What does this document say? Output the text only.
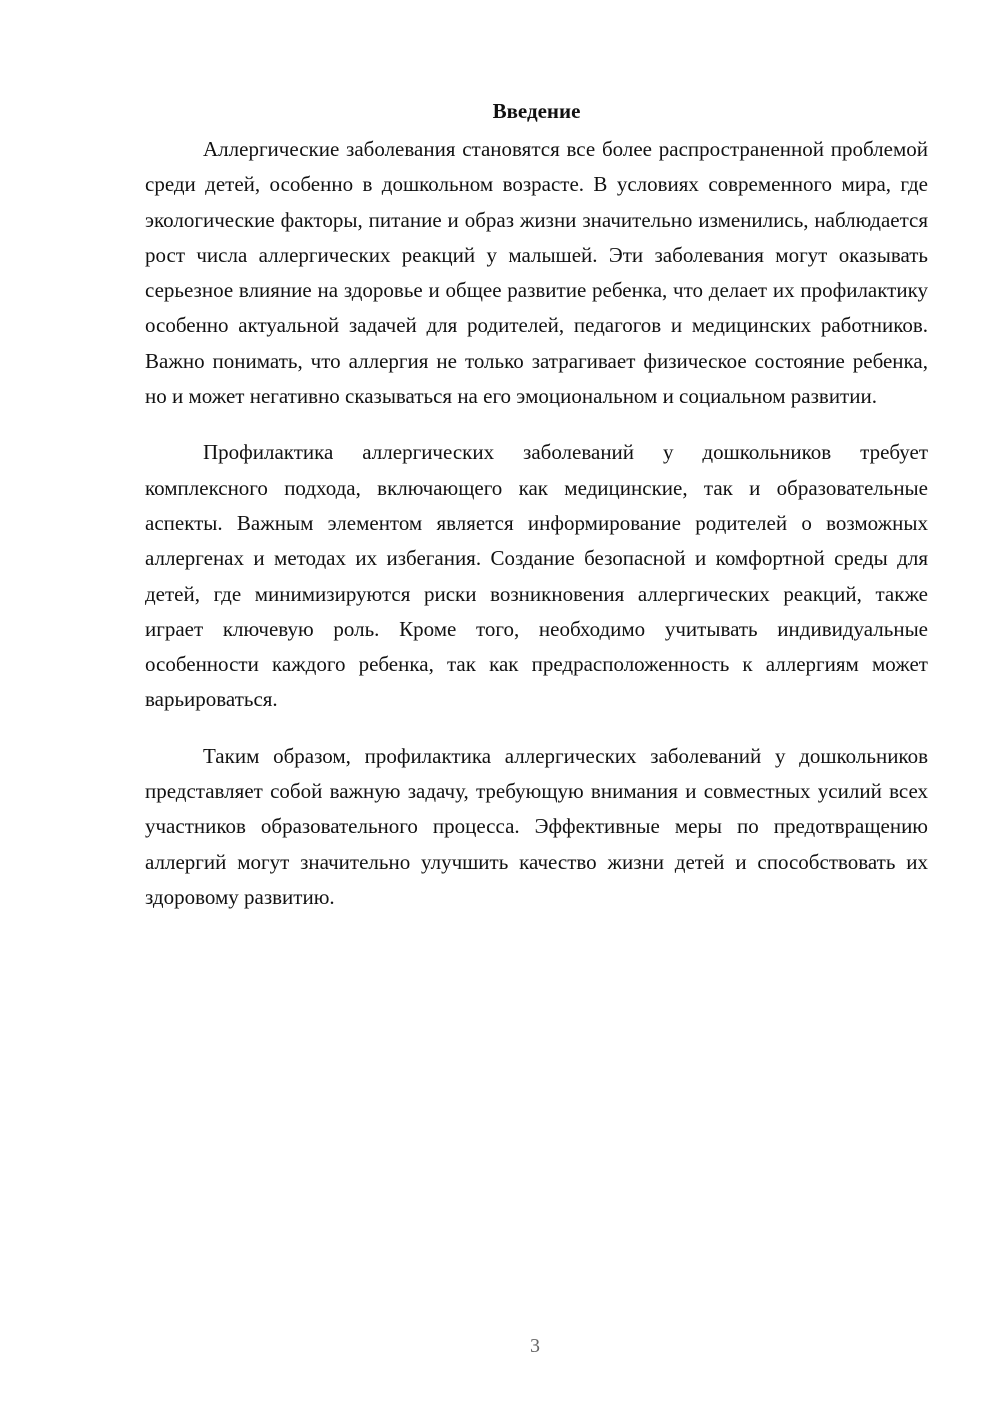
Введение

Аллергические заболевания становятся все более распространенной проблемой среди детей, особенно в дошкольном возрасте. В условиях современного мира, где экологические факторы, питание и образ жизни значительно изменились, наблюдается рост числа аллергических реакций у малышей. Эти заболевания могут оказывать серьезное влияние на здоровье и общее развитие ребенка, что делает их профилактику особенно актуальной задачей для родителей, педагогов и медицинских работников. Важно понимать, что аллергия не только затрагивает физическое состояние ребенка, но и может негативно сказываться на его эмоциональном и социальном развитии.

Профилактика аллергических заболеваний у дошкольников требует комплексного подхода, включающего как медицинские, так и образовательные аспекты. Важным элементом является информирование родителей о возможных аллергенах и методах их избегания. Создание безопасной и комфортной среды для детей, где минимизируются риски возникновения аллергических реакций, также играет ключевую роль. Кроме того, необходимо учитывать индивидуальные особенности каждого ребенка, так как предрасположенность к аллергиям может варьироваться.

Таким образом, профилактика аллергических заболеваний у дошкольников представляет собой важную задачу, требующую внимания и совместных усилий всех участников образовательного процесса. Эффективные меры по предотвращению аллергий могут значительно улучшить качество жизни детей и способствовать их здоровому развитию.

3
